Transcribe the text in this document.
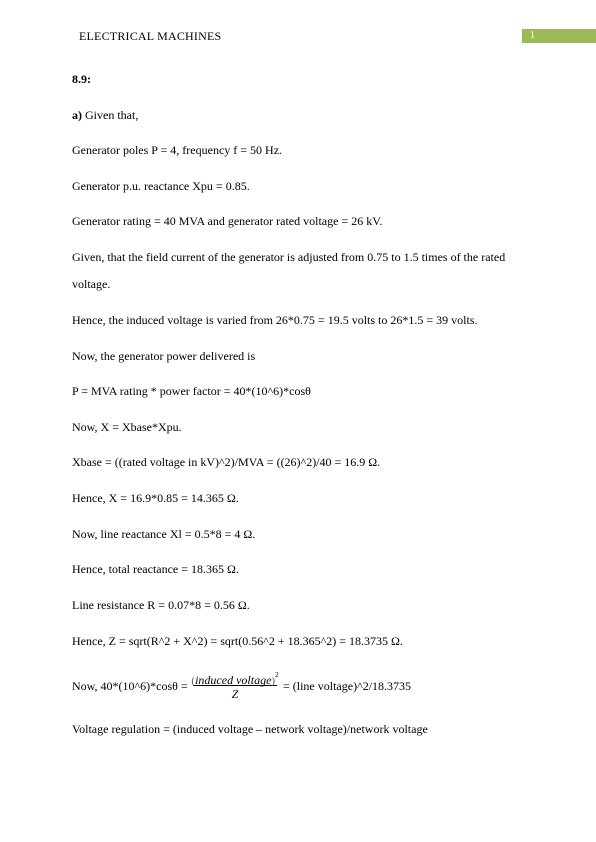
ELECTRICAL MACHINES	1
8.9:
a) Given that,
Generator poles P = 4, frequency f = 50 Hz.
Generator p.u. reactance Xpu = 0.85.
Generator rating = 40 MVA and generator rated voltage = 26 kV.
Given, that the field current of the generator is adjusted from 0.75 to 1.5 times of the rated
voltage.
Hence, the induced voltage is varied from 26*0.75 = 19.5 volts to 26*1.5 = 39 volts.
Now, the generator power delivered is
P = MVA rating * power factor = 40*(10^6)*cosθ
Now, X = Xbase*Xpu.
Xbase = ((rated voltage in kV)^2)/MVA = ((26)^2)/40 = 16.9 Ω.
Hence, X = 16.9*0.85 = 14.365 Ω.
Now, line reactance Xl = 0.5*8 = 4 Ω.
Hence, total reactance = 18.365 Ω.
Line resistance R = 0.07*8 = 0.56 Ω.
Hence, Z = sqrt(R^2 + X^2) = sqrt(0.56^2 + 18.365^2) = 18.3735 Ω.
Now, 40*(10^6)*cosθ = (induced voltage)$^2$
Z
= (line voltage)^2/18.3735
Voltage regulation = (induced voltage – network voltage)/network voltage
